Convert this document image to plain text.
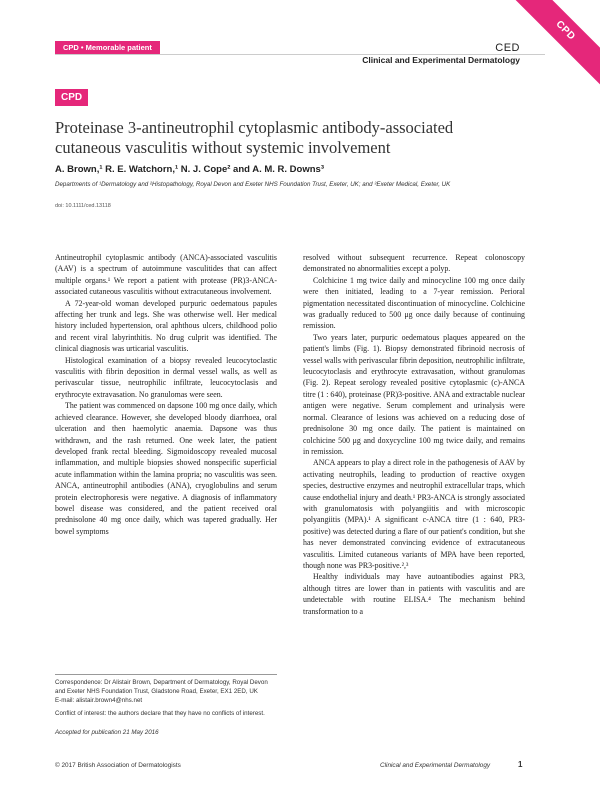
CPD
CPD • Memorable patient	CED
Clinical and Experimental Dermatology
CPD
Proteinase 3-antineutrophil cytoplasmic antibody-associated cutaneous vasculitis without systemic involvement
A. Brown,¹ R. E. Watchorn,¹ N. J. Cope² and A. M. R. Downs³
Departments of ¹Dermatology and ²Histopathology, Royal Devon and Exeter NHS Foundation Trust, Exeter, UK; and ³Exeter Medical, Exeter, UK
doi: 10.1111/ced.13118

Antineutrophil cytoplasmic antibody (ANCA)-associated vasculitis (AAV) is a spectrum of autoimmune vasculitides that can affect multiple organs.¹ We report a patient with protease (PR)3-ANCA-associated cutaneous vasculitis without extracutaneous involvement.

A 72-year-old woman developed purpuric oedematous papules affecting her trunk and legs. She was otherwise well. Her medical history included hypertension, oral aphthous ulcers, childhood polio and recent viral labyrinthitis. No drug culprit was identified. The clinical diagnosis was urticarial vasculitis.

Histological examination of a biopsy revealed leucocytoclastic vasculitis with fibrin deposition in dermal vessel walls, as well as perivascular tissue, neutrophilic infiltrate, leucocytoclasis and erythrocyte extravasation. No granulomas were seen.

The patient was commenced on dapsone 100 mg once daily, which achieved clearance. However, she developed bloody diarrhoea, oral ulceration and then haemolytic anaemia. Dapsone was thus withdrawn, and the rash returned. One week later, the patient developed frank rectal bleeding. Sigmoidoscopy revealed mucosal inflammation, and multiple biopsies showed nonspecific superficial acute inflammation within the lamina propria; no vasculitis was seen. ANCA, antineutrophil antibodies (ANA), cryoglobulins and serum protein electrophoresis were negative. A diagnosis of inflammatory bowel disease was considered, and the patient received oral prednisolone 40 mg once daily, which was tapered gradually. Her bowel symptoms

resolved without subsequent recurrence. Repeat colonoscopy demonstrated no abnormalities except a polyp.

Colchicine 1 mg twice daily and minocycline 100 mg once daily were then initiated, leading to a 7-year remission. Perioral pigmentation necessitated discontinuation of minocycline. Colchicine was gradually reduced to 500 μg once daily because of continuing remission.

Two years later, purpuric oedematous plaques appeared on the patient's limbs (Fig. 1). Biopsy demonstrated fibrinoid necrosis of vessel walls with perivascular fibrin deposition, neutrophilic infiltrate, leucocytoclasis and erythrocyte extravasation, without granulomas (Fig. 2). Repeat serology revealed positive cytoplasmic (c)-ANCA titre (1 : 640), proteinase (PR)3-positive. ANA and extractable nuclear antigen were negative. Serum complement and urinalysis were normal. Clearance of lesions was achieved on a reducing dose of prednisolone 30 mg once daily. The patient is maintained on colchicine 500 μg and doxycycline 100 mg twice daily, and remains in remission.

ANCA appears to play a direct role in the pathogenesis of AAV by activating neutrophils, leading to production of reactive oxygen species, destructive enzymes and neutrophil extracellular traps, which cause endothelial injury and death.¹ PR3-ANCA is strongly associated with granulomatosis with polyangiitis and with microscopic polyangiitis (MPA).¹ A significant c-ANCA titre (1 : 640, PR3-positive) was detected during a flare of our patient's condition, but she has never demonstrated convincing evidence of extracutaneous vasculitis. Limited cutaneous variants of MPA have been reported, though none was PR3-positive.²,³

Healthy individuals may have autoantibodies against PR3, although titres are lower than in patients with vasculitis and are undetectable with routine ELISA.⁴ The mechanism behind transformation to a

Correspondence: Dr Alistair Brown, Department of Dermatology, Royal Devon and Exeter NHS Foundation Trust, Gladstone Road, Exeter, EX1 2ED, UK
E-mail: alistair.brown4@nhs.net
Conflict of interest: the authors declare that they have no conflicts of interest.
Accepted for publication 21 May 2016
© 2017 British Association of Dermatologists	Clinical and Experimental Dermatology	1
